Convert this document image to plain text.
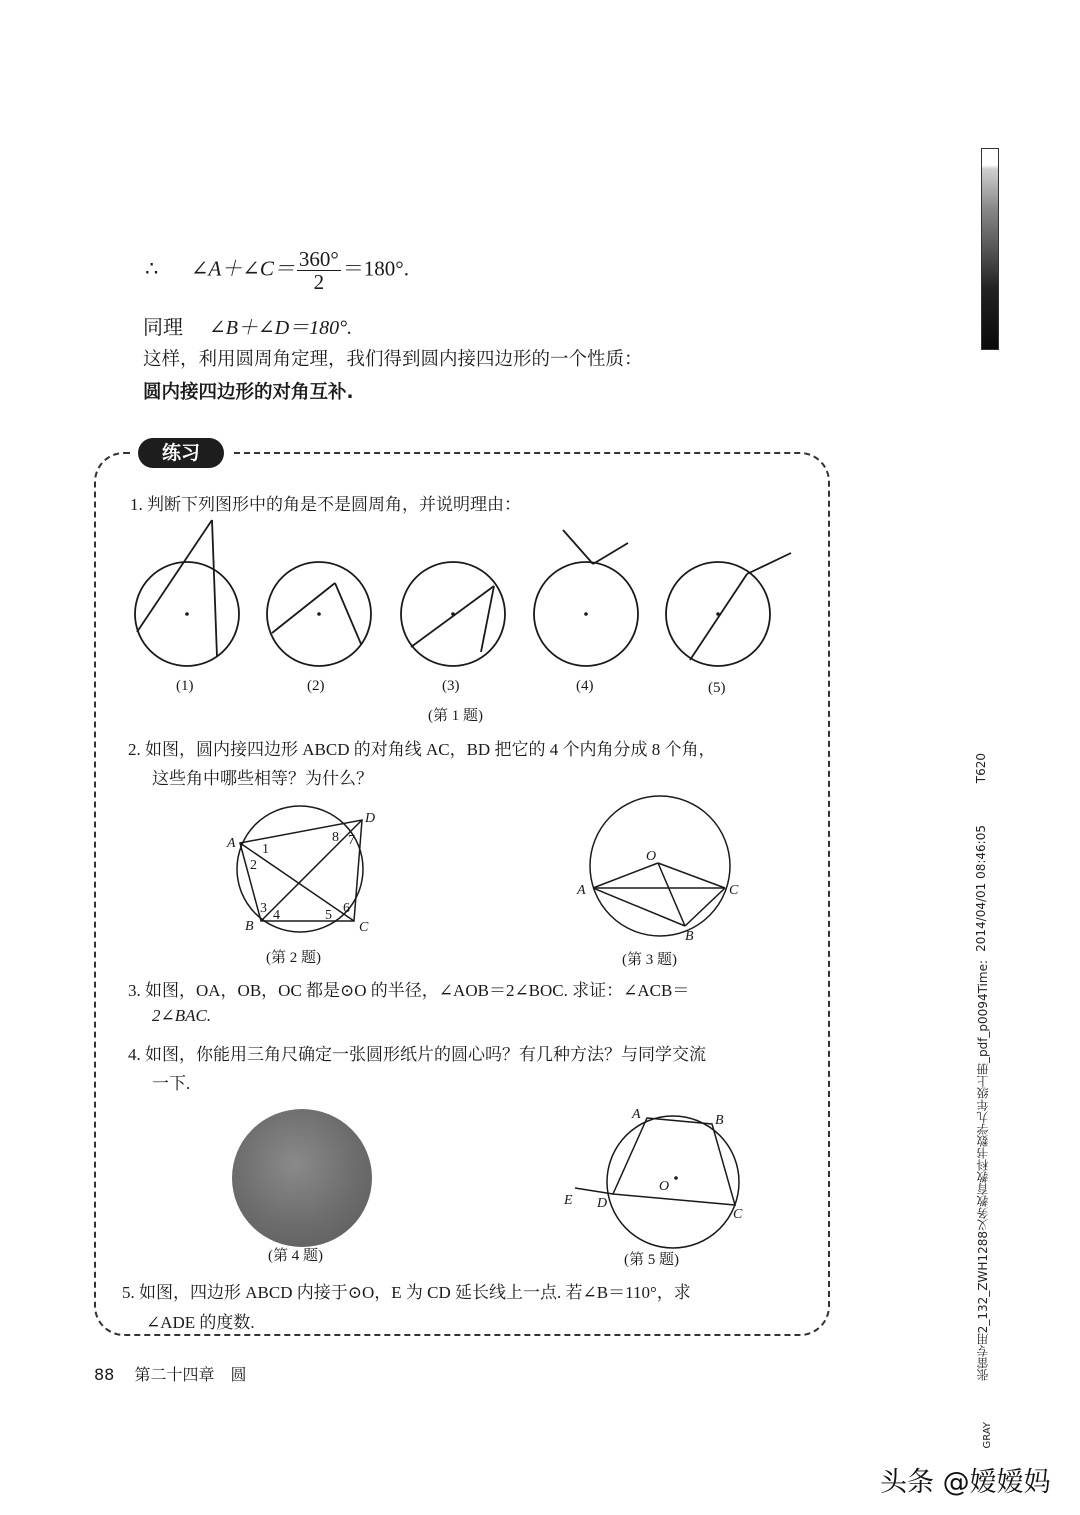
∴ ∠A＋∠C＝ $\frac{360^\circ}{2} =180^\circ$.
同理 ∠B＋∠D＝180°.
这样，利用圆周角定理，我们得到圆内接四边形的一个性质：
圆内接四边形的对角互补.
练习
1. 判断下列图形中的角是不是圆周角，并说明理由：
(1)	(2)	(3)	(4)	(5)
(第 1 题)
2. 如图，圆内接四边形 ABCD 的对角线 AC，BD 把它的 4 个内角分成 8 个角，
这些角中哪些相等？为什么？
A
B	C
D
1
2
3 4	5 6
7
8
(第 2 题)
O
A	C
B
(第 3 题)
3. 如图，OA，OB，OC 都是⊙O 的半径，∠AOB＝2∠BOC. 求证：∠ACB＝
2∠BAC.
4. 如图，你能用三角尺确定一张圆形纸片的圆心吗？有几种方法？与同学交流
一下.
(第 4 题)
A	B
C
D
E
O
(第 5 题)
5. 如图，四边形 ABCD 内接于⊙O，E 为 CD 延长线上一点. 若∠B＝110°，求
∠ADE 的度数.
88 第二十四章　圆
T620
2014/04/01 08:46:05
张雷专用2_132_ZWH1288义务教育教科书数学九年级上册_pdf_p0094Time:
GRAY
头条 @嫒嫒妈
